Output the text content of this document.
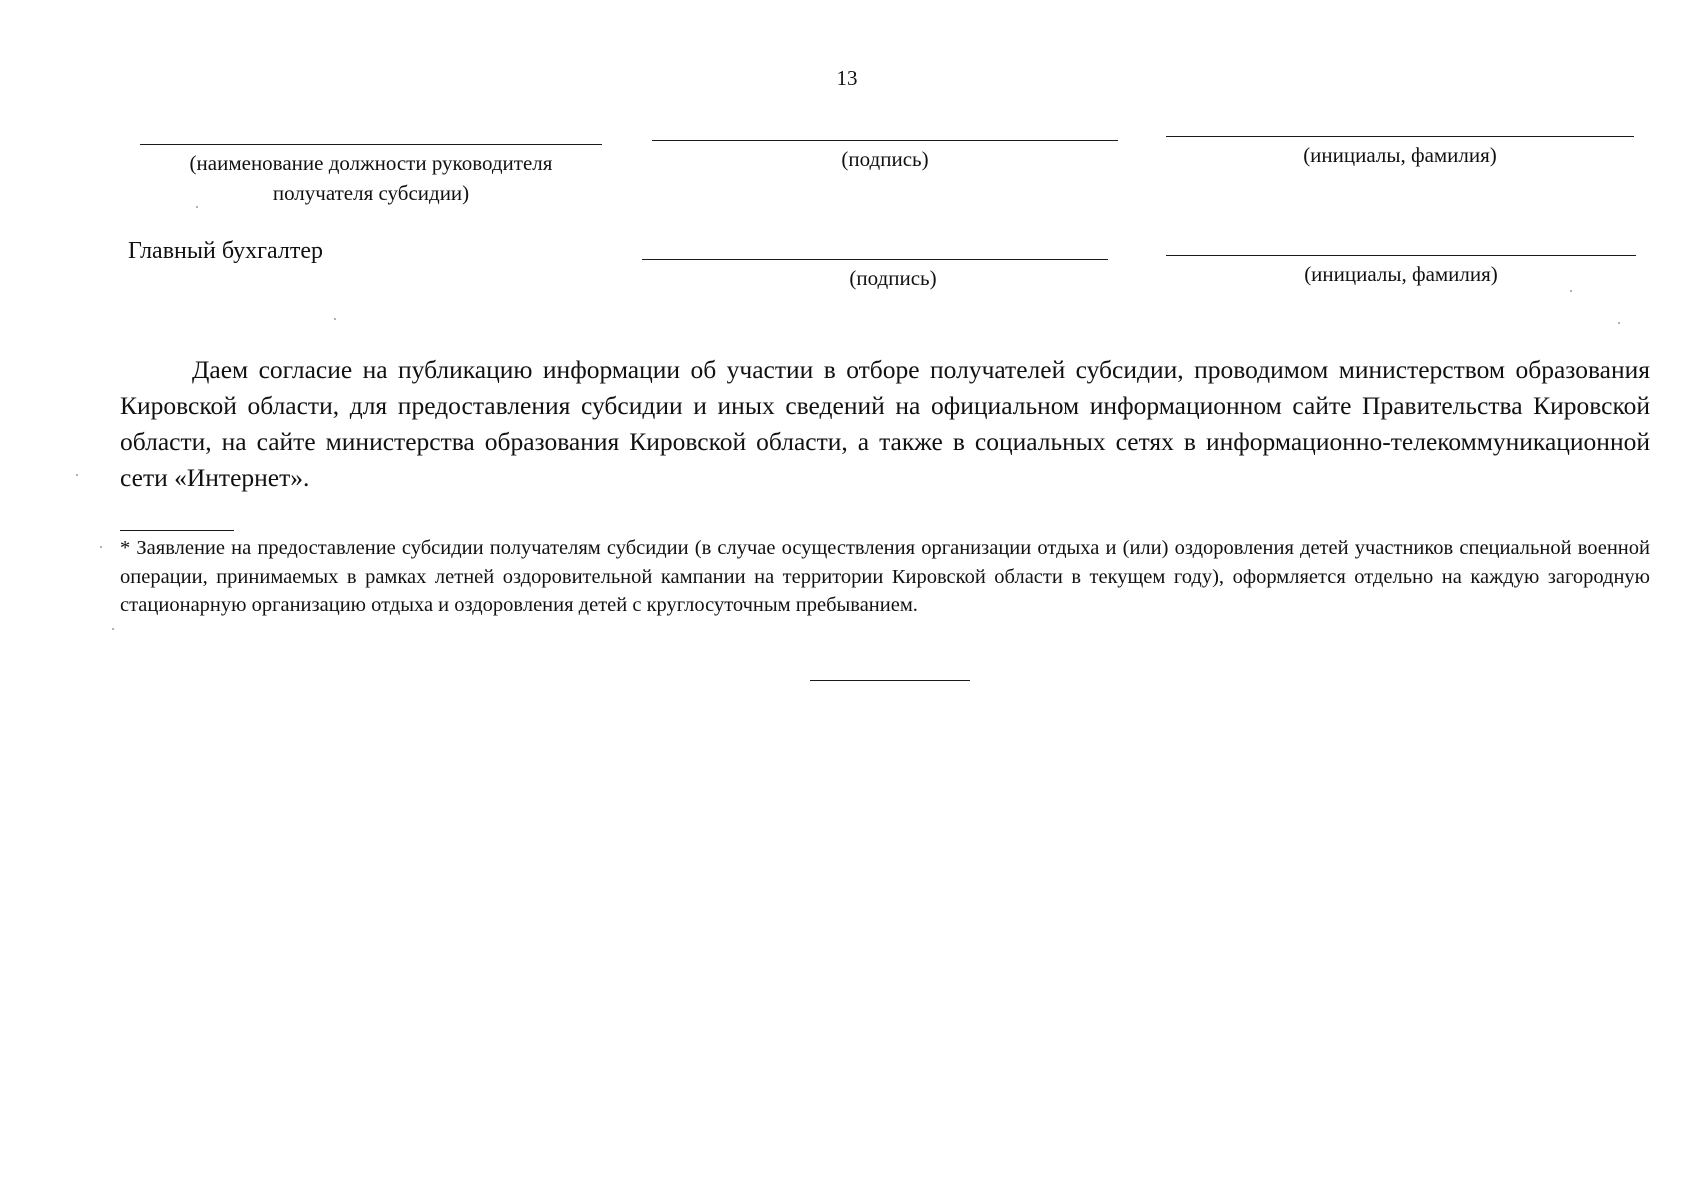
13
(наименование должности руководителя получателя субсидии)
(подпись)	(инициалы, фамилия)
Главный бухгалтер
(подпись)	(инициалы, фамилия)
Даем согласие на публикацию информации об участии в отборе получателей субсидии, проводимом министерством образования Кировской области, для предоставления субсидии и иных сведений на официальном информационном сайте Правительства Кировской области, на сайте министерства образования Кировской области, а также в социальных сетях в информационно-телекоммуникационной сети «Интернет».
* Заявление на предоставление субсидии получателям субсидии (в случае осуществления организации отдыха и (или) оздоровления детей участников специальной военной операции, принимаемых в рамках летней оздоровительной кампании на территории Кировской области в текущем году), оформляется отдельно на каждую загородную стационарную организацию отдыха и оздоровления детей с круглосуточным пребыванием.
